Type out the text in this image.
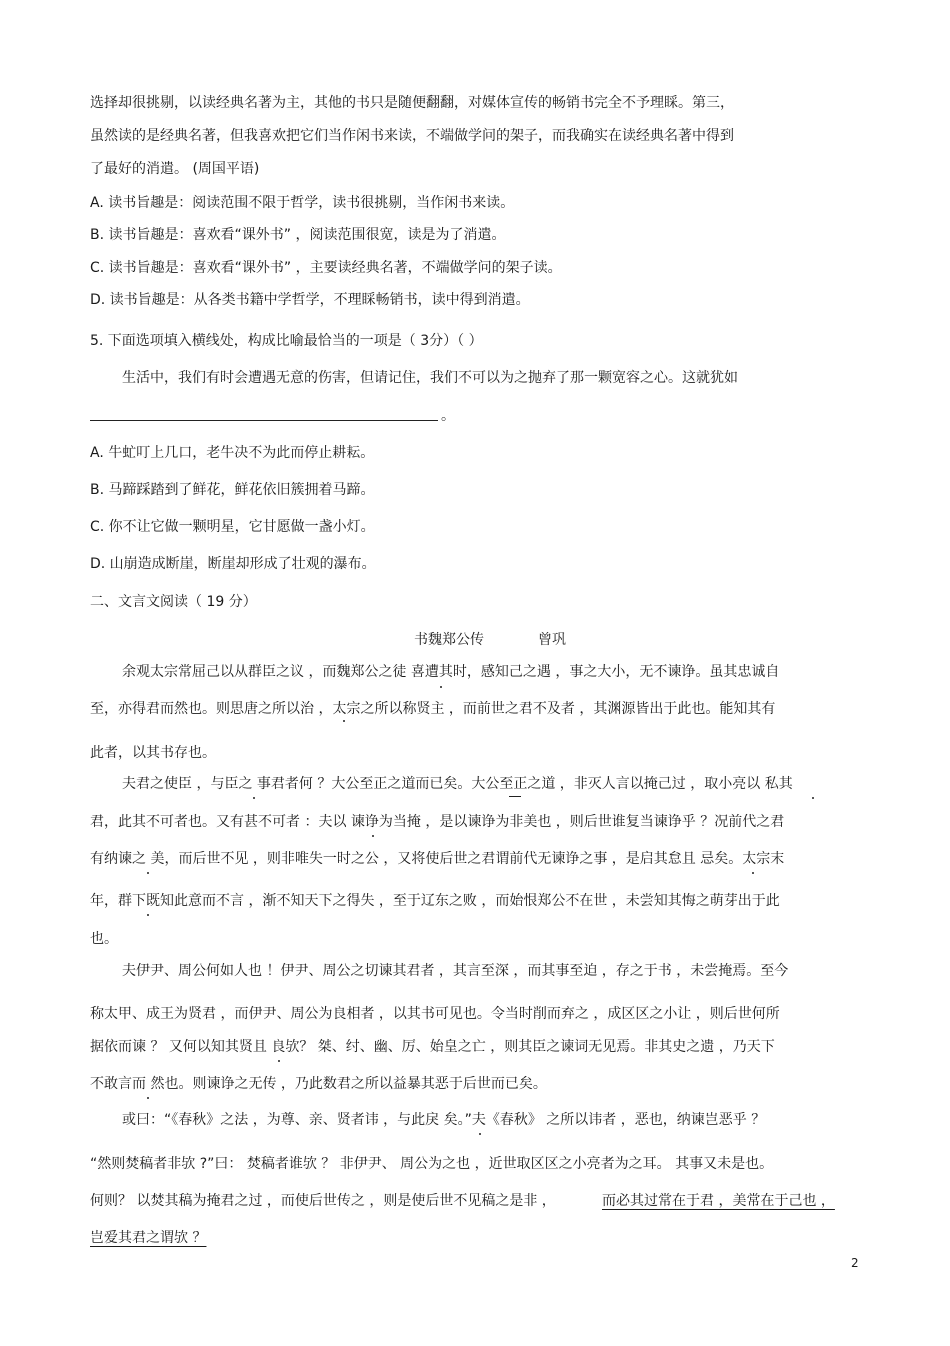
选择却很挑剔，以读经典名著为主，其他的书只是随便翻翻，对媒体宣传的畅销书完全不予理睬。第三，
虽然读的是经典名著，但我喜欢把它们当作闲书来读，不端做学问的架子，而我确实在读经典名著中得到
了最好的消遣。 (周国平语)
A. 读书旨趣是：阅读范围不限于哲学，读书很挑剔，当作闲书来读。
B. 读书旨趣是：喜欢看“课外书” ，阅读范围很宽，读是为了消遣。
C. 读书旨趣是：喜欢看“课外书” ，主要读经典名著，不端做学问的架子读。
D. 读书旨趣是：从各类书籍中学哲学，不理睬畅销书，读中得到消遣。
5. 下面选项填入横线处，构成比喻最恰当的一项是（ 3分）（ ）
生活中，我们有时会遭遇无意的伤害，但请记住，我们不可以为之抛弃了那一颗宽容之心。这就犹如
。
A. 牛虻叮上几口，老牛决不为此而停止耕耘。
B. 马蹄踩踏到了鲜花，鲜花依旧簇拥着马蹄。
C. 你不让它做一颗明星，它甘愿做一盏小灯。
D. 山崩造成断崖，断崖却形成了壮观的瀑布。
二、文言文阅读（ 19 分）
书魏郑公传	曾巩
余观太宗常屈己以从群臣之议 ，而魏郑公之徒 喜遭其时，感知己之遇 ，事之大小，无不谏诤。虽其忠诚自
至，亦得君而然也。则思唐之所以治 ，太宗之所以称贤主 ，而前世之君不及者 ，其渊源皆出于此也。能知其有
此者，以其书存也。
夫君之使臣 ，与臣之 事君者何 ？大公至正之道而已矣。大公至正之道 ，非灭人言以掩己过 ，取小亮以 私其
君，此其不可者也。又有甚不可者 ：夫以 谏诤为当掩 ，是以谏诤为非美也 ，则后世谁复当谏诤乎 ？况前代之君
有纳谏之 美，而后世不见 ，则非唯失一时之公 ，又将使后世之君谓前代无谏诤之事 ，是启其怠且 忌矣。太宗末
年，群下既知此意而不言 ，渐不知天下之得失 ，至于辽东之败 ，而始恨郑公不在世 ，未尝知其悔之萌芽出于此
也。
夫伊尹、周公何如人也 ！伊尹、周公之切谏其君者 ，其言至深 ，而其事至迫 ，存之于书 ，未尝掩焉。至今
称太甲、成王为贤君 ，而伊尹、周公为良相者 ，以其书可见也。令当时削而弃之 ，成区区之小让 ，则后世何所
据依而谏 ？ 又何以知其贤且 良欤？ 桀、纣、幽、厉、始皇之亡 ，则其臣之谏词无见焉。非其史之遗 ，乃天下
不敢言而 然也。则谏诤之无传 ，乃此数君之所以益暴其恶于后世而已矣。
或曰：“《春秋》之法 ，为尊、亲、贤者讳 ，与此戾 矣。”夫《春秋》 之所以讳者 ，恶也，纳谏岂恶乎 ？
“然则焚稿者非欤 ?”曰： 焚稿者谁欤 ？ 非伊尹、 周公为之也 ，近世取区区之小亮者为之耳。 其事又未是也。
何则？ 以焚其稿为掩君之过 ，而使后世传之 ，则是使后世不见稿之是非 ，	而必其过常在于君 ，美常在于己也 ，
岂爱其君之谓欤 ？
2
